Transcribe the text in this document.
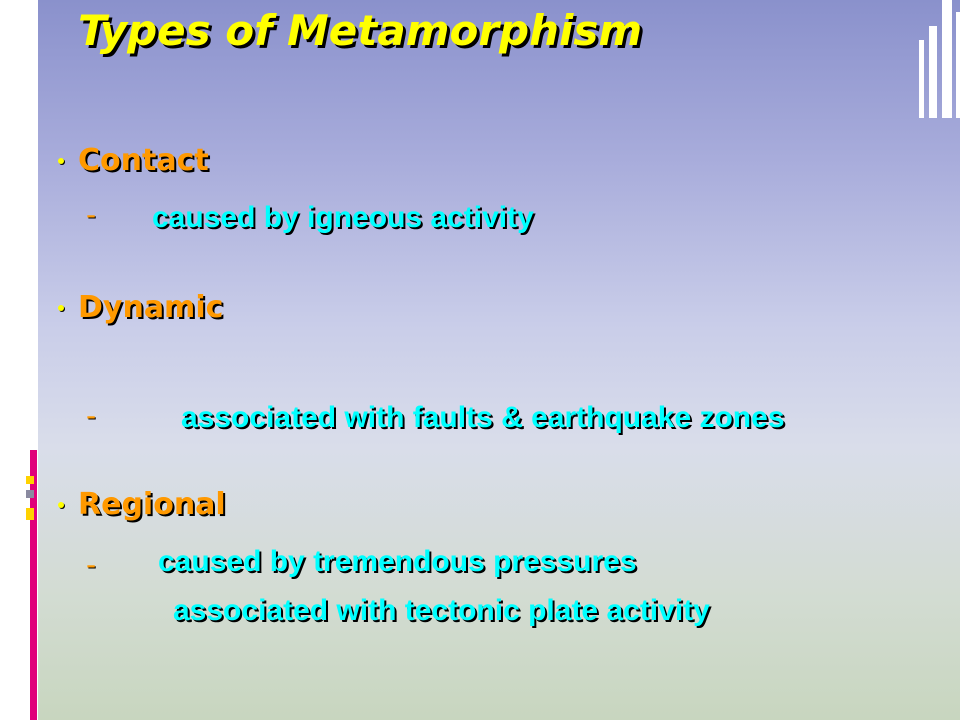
Types of Metamorphism
Contact
- caused by igneous activity
Dynamic
-	associated with faults & earthquake zones
Regional
- caused by tremendous pressures
associated with tectonic plate activity
